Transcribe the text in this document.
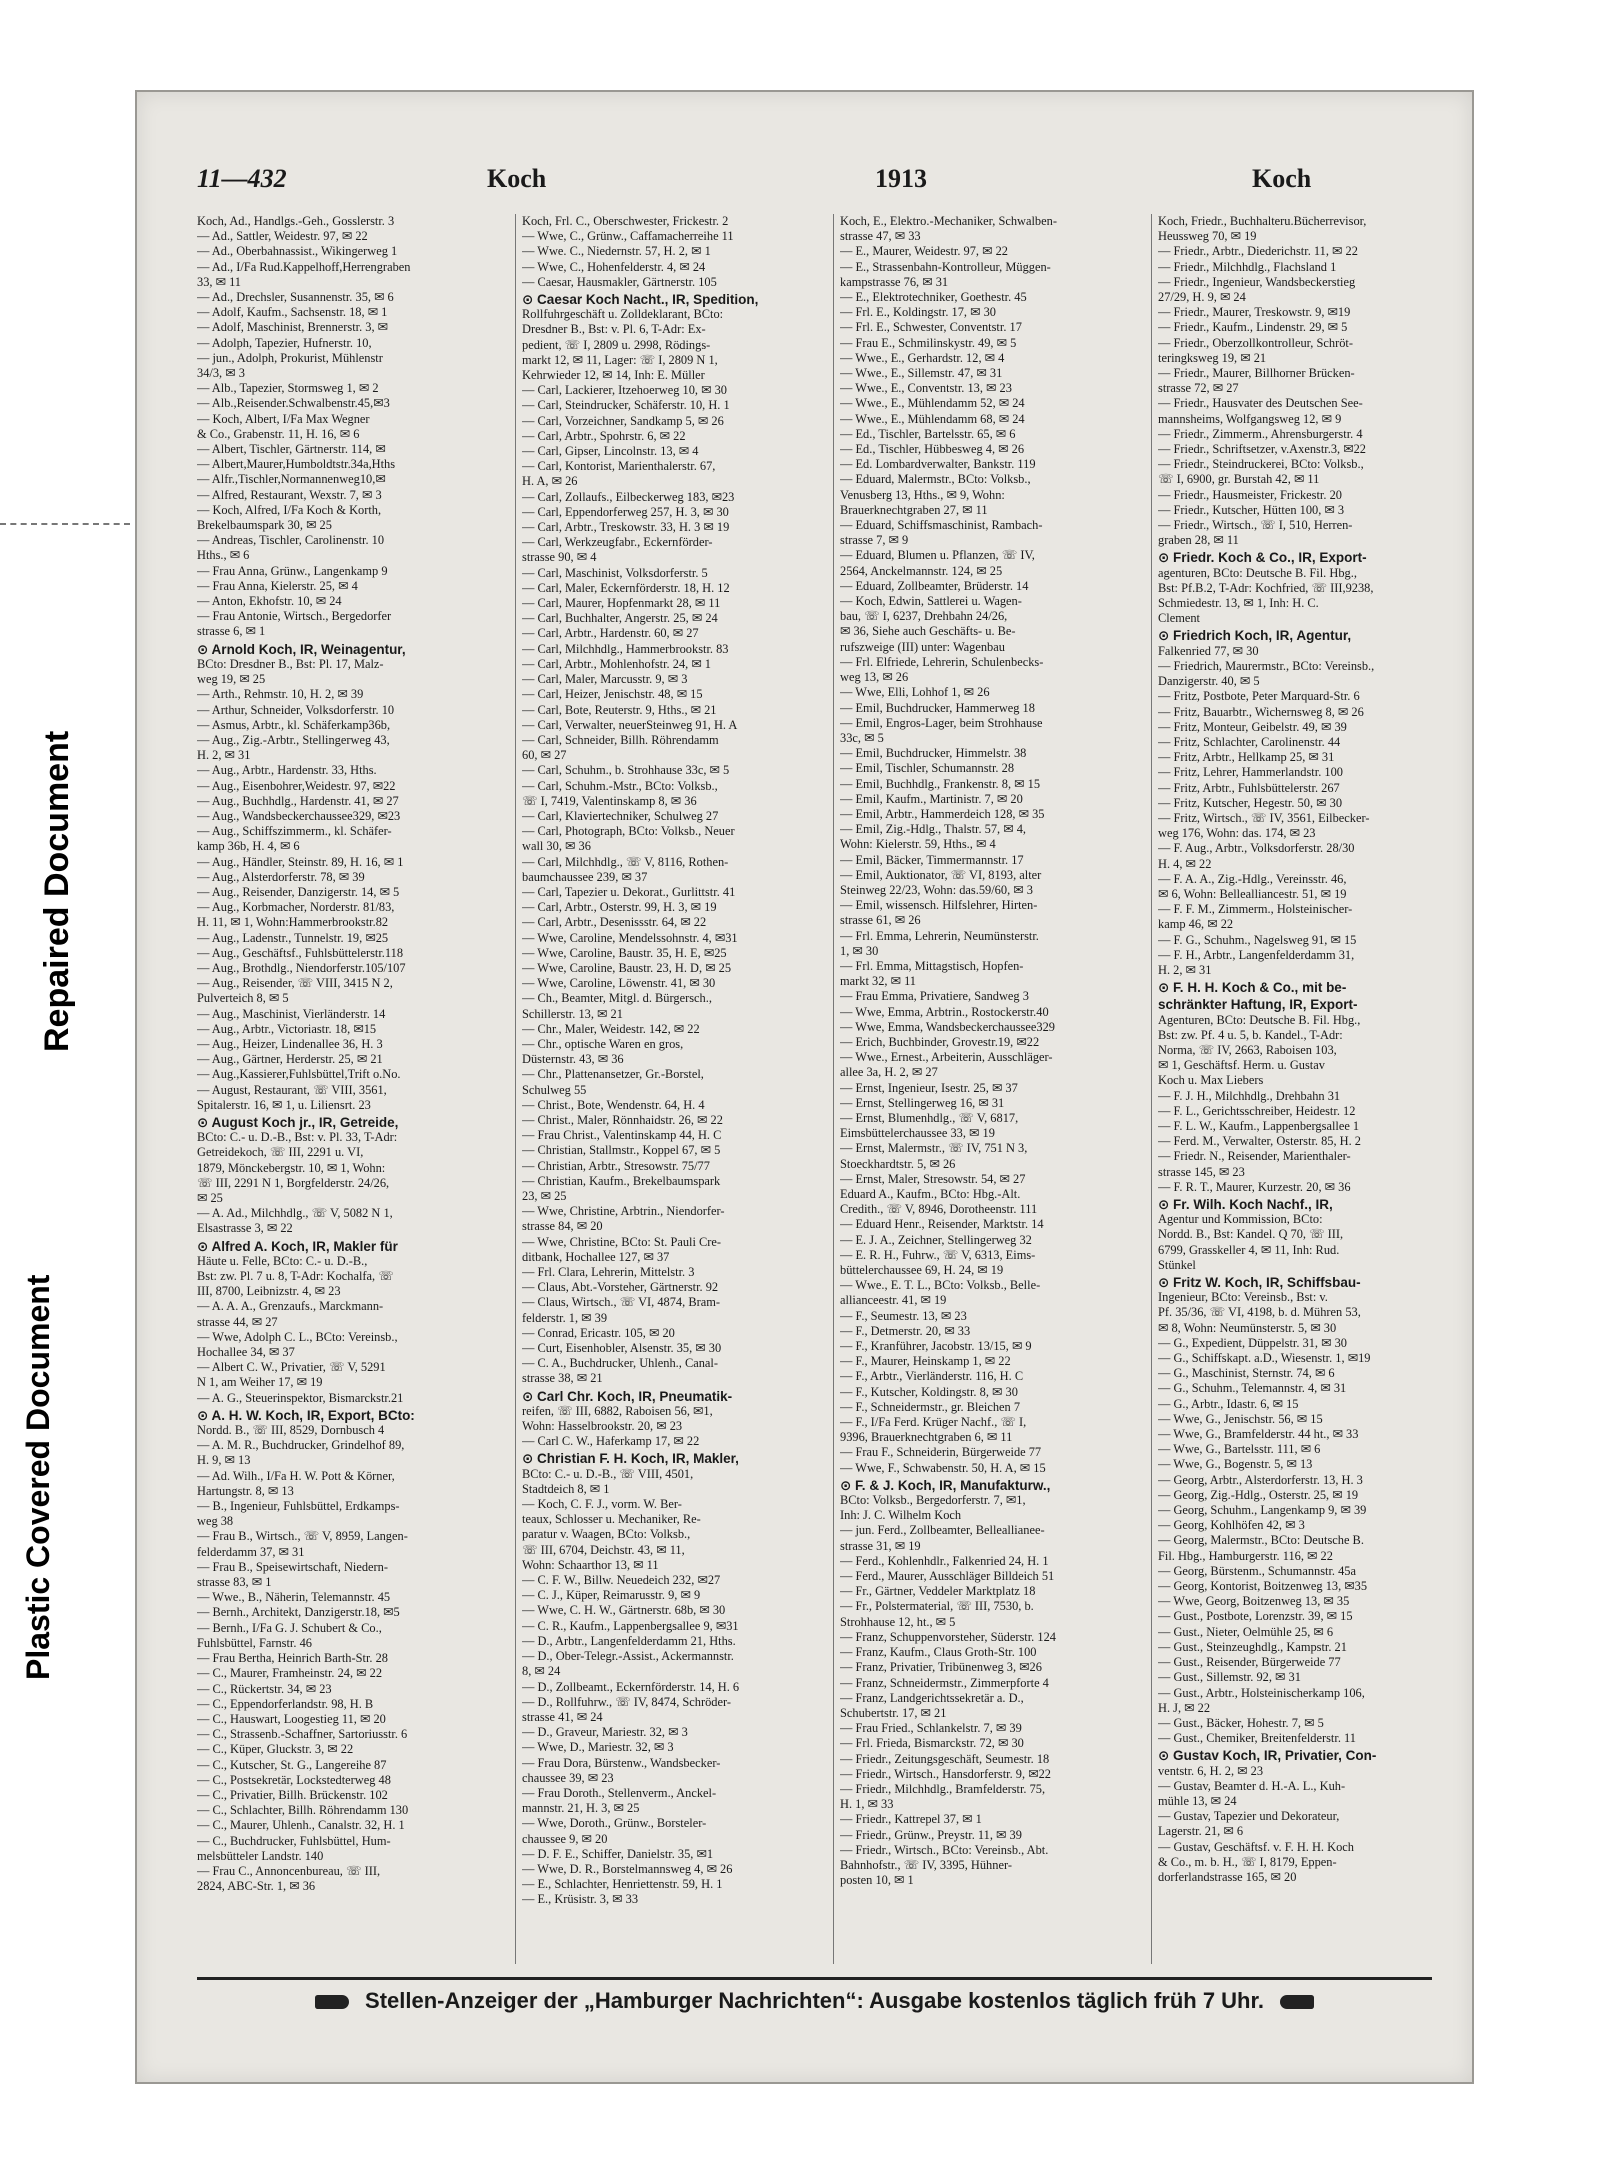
Repaired Document
Plastic Covered Document
11—432	Koch	1913	Koch
Koch, Ad., Handlgs.-Geh., Gosslerstr. 3
— Ad., Sattler, Weidestr. 97, ✉ 22
— Ad., Oberbahnassist., Wikingerweg 1
— Ad., I/Fa Rud.Kappelhoff,Herrengraben
33, ✉ 11
— Ad., Drechsler, Susannenstr. 35, ✉ 6
— Adolf, Kaufm., Sachsenstr. 18, ✉ 1
— Adolf, Maschinist, Brennerstr. 3, ✉
— Adolph, Tapezier, Hufnerstr. 10,
— jun., Adolph, Prokurist, Mühlenstr
34/3, ✉ 3
— Alb., Tapezier, Stormsweg 1, ✉ 2
— Alb.,Reisender.Schwalbenstr.45,✉3
— Koch, Albert, I/Fa Max Wegner
& Co., Grabenstr. 11, H. 16, ✉ 6
— Albert, Tischler, Gärtnerstr. 114, ✉
— Albert,Maurer,Humboldtstr.34a,Hths
— Alfr.,Tischler,Normannenweg10,✉
— Alfred, Restaurant, Wexstr. 7, ✉ 3
— Koch, Alfred, I/Fa Koch & Korth,
Brekelbaumspark 30, ✉ 25
— Andreas, Tischler, Carolinenstr. 10
Hths., ✉ 6
— Frau Anna, Grünw., Langenkamp 9
— Frau Anna, Kielerstr. 25, ✉ 4
— Anton, Ekhofstr. 10, ✉ 24
— Frau Antonie, Wirtsch., Bergedorfer
strasse 6, ✉ 1
⊙ Arnold Koch, IR, Weinagentur,
BCto: Dresdner B., Bst: Pl. 17, Malz-
weg 19, ✉ 25
— Arth., Rehmstr. 10, H. 2, ✉ 39
— Arthur, Schneider, Volksdorferstr. 10
— Asmus, Arbtr., kl. Schäferkamp36b,
— Aug., Zig.-Arbtr., Stellingerweg 43,
H. 2, ✉ 31
— Aug., Arbtr., Hardenstr. 33, Hths.
— Aug., Eisenbohrer,Weidestr. 97, ✉22
— Aug., Buchhdlg., Hardenstr. 41, ✉ 27
— Aug., Wandsbeckerchaussee329, ✉23
— Aug., Schiffszimmerm., kl. Schäfer-
kamp 36b, H. 4, ✉ 6
— Aug., Händler, Steinstr. 89, H. 16, ✉ 1
— Aug., Alsterdorferstr. 78, ✉ 39
— Aug., Reisender, Danzigerstr. 14, ✉ 5
— Aug., Korbmacher, Norderstr. 81/83,
H. 11, ✉ 1, Wohn:Hammerbrookstr.82
— Aug., Ladenstr., Tunnelstr. 19, ✉25
— Aug., Geschäftsf., Fuhlsbüttelerstr.118
— Aug., Brothdlg., Niendorferstr.105/107
— Aug., Reisender, ☏ VIII, 3415 N 2,
Pulverteich 8, ✉ 5
— Aug., Maschinist, Vierländerstr. 14
— Aug., Arbtr., Victoriastr. 18, ✉15
— Aug., Heizer, Lindenallee 36, H. 3
— Aug., Gärtner, Herderstr. 25, ✉ 21
— Aug.,Kassierer,Fuhlsbüttel,Trift o.No.
— August, Restaurant, ☏ VIII, 3561,
Spitalerstr. 16, ✉ 1, u. Liliensrt. 23
⊙ August Koch jr., IR, Getreide,
BCto: C.- u. D.-B., Bst: v. Pl. 33, T-Adr:
Getreidekoch, ☏ III, 2291 u. VI,
1879, Mönckebergstr. 10, ✉ 1, Wohn:
☏ III, 2291 N 1, Borgfelderstr. 24/26,
✉ 25
— A. Ad., Milchhdlg., ☏ V, 5082 N 1,
Elsastrasse 3, ✉ 22
⊙ Alfred A. Koch, IR, Makler für
Häute u. Felle, BCto: C.- u. D.-B.,
Bst: zw. Pl. 7 u. 8, T-Adr: Kochalfa, ☏
III, 8700, Leibnizstr. 4, ✉ 23
— A. A. A., Grenzaufs., Marckmann-
strasse 44, ✉ 27
— Wwe, Adolph C. L., BCto: Vereinsb.,
Hochallee 34, ✉ 37
— Albert C. W., Privatier, ☏ V, 5291
N 1, am Weiher 17, ✉ 19
— A. G., Steuerinspektor, Bismarckstr.21
⊙ A. H. W. Koch, IR, Export, BCto:
Nordd. B., ☏ III, 8529, Dornbusch 4
— A. M. R., Buchdrucker, Grindelhof 89,
H. 9, ✉ 13
— Ad. Wilh., I/Fa H. W. Pott & Körner,
Hartungstr. 8, ✉ 13
— B., Ingenieur, Fuhlsbüttel, Erdkamps-
weg 38
— Frau B., Wirtsch., ☏ V, 8959, Langen-
felderdamm 37, ✉ 31
— Frau B., Speisewirtschaft, Niedern-
strasse 83, ✉ 1
— Wwe., B., Näherin, Telemannstr. 45
— Bernh., Architekt, Danzigerstr.18, ✉5
— Bernh., I/Fa G. J. Schubert & Co.,
Fuhlsbüttel, Farnstr. 46
— Frau Bertha, Heinrich Barth-Str. 28
— C., Maurer, Framheinstr. 24, ✉ 22
— C., Rückertstr. 34, ✉ 23
— C., Eppendorferlandstr. 98, H. B
— C., Hauswart, Loogestieg 11, ✉ 20
— C., Strassenb.-Schaffner, Sartoriusstr. 6
— C., Küper, Gluckstr. 3, ✉ 22
— C., Kutscher, St. G., Langereihe 87
— C., Postsekretär, Lockstedterweg 48
— C., Privatier, Billh. Brückenstr. 102
— C., Schlachter, Billh. Röhrendamm 130
— C., Maurer, Uhlenh., Canalstr. 32, H. 1
— C., Buchdrucker, Fuhlsbüttel, Hum-
melsbütteler Landstr. 140
— Frau C., Annoncenbureau, ☏ III,
2824, ABC-Str. 1, ✉ 36
Koch, Frl. C., Oberschwester, Frickestr. 2
— Wwe, C., Grünw., Caffamacherreihe 11
— Wwe. C., Niedernstr. 57, H. 2, ✉ 1
— Wwe, C., Hohenfelderstr. 4, ✉ 24
— Caesar, Hausmakler, Gärtnerstr. 105
⊙ Caesar Koch Nacht., IR, Spedition,
Rollfuhrgeschäft u. Zolldeklarant, BCto:
Dresdner B., Bst: v. Pl. 6, T-Adr: Ex-
pedient, ☏ I, 2809 u. 2998, Rödings-
markt 12, ✉ 11, Lager: ☏ I, 2809 N 1,
Kehrwieder 12, ✉ 14, Inh: E. Müller
— Carl, Lackierer, Itzehoerweg 10, ✉ 30
— Carl, Steindrucker, Schäferstr. 10, H. 1
— Carl, Vorzeichner, Sandkamp 5, ✉ 26
— Carl, Arbtr., Spohrstr. 6, ✉ 22
— Carl, Gipser, Lincolnstr. 13, ✉ 4
— Carl, Kontorist, Marienthalerstr. 67,
H. A, ✉ 26
— Carl, Zollaufs., Eilbeckerweg 183, ✉23
— Carl, Eppendorferweg 257, H. 3, ✉ 30
— Carl, Arbtr., Treskowstr. 33, H. 3 ✉ 19
— Carl, Werkzeugfabr., Eckernförder-
strasse 90, ✉ 4
— Carl, Maschinist, Volksdorferstr. 5
— Carl, Maler, Eckernförderstr. 18, H. 12
— Carl, Maurer, Hopfenmarkt 28, ✉ 11
— Carl, Buchhalter, Angerstr. 25, ✉ 24
— Carl, Arbtr., Hardenstr. 60, ✉ 27
— Carl, Milchhdlg., Hammerbrookstr. 83
— Carl, Arbtr., Mohlenhofstr. 24, ✉ 1
— Carl, Maler, Marcusstr. 9, ✉ 3
— Carl, Heizer, Jenischstr. 48, ✉ 15
— Carl, Bote, Reuterstr. 9, Hths., ✉ 21
— Carl, Verwalter, neuerSteinweg 91, H. A
— Carl, Schneider, Billh. Röhrendamm
60, ✉ 27
— Carl, Schuhm., b. Strohhause 33c, ✉ 5
— Carl, Schuhm.-Mstr., BCto: Volksb.,
☏ I, 7419, Valentinskamp 8, ✉ 36
— Carl, Klaviertechniker, Schulweg 27
— Carl, Photograph, BCto: Volksb., Neuer
wall 30, ✉ 36
— Carl, Milchhdlg., ☏ V, 8116, Rothen-
baumchaussee 239, ✉ 37
— Carl, Tapezier u. Dekorat., Gurlittstr. 41
— Carl, Arbtr., Osterstr. 99, H. 3, ✉ 19
— Carl, Arbtr., Desenissstr. 64, ✉ 22
— Wwe, Caroline, Mendelssohnstr. 4, ✉31
— Wwe, Caroline, Baustr. 35, H. E, ✉25
— Wwe, Caroline, Baustr. 23, H. D, ✉ 25
— Wwe, Caroline, Löwenstr. 41, ✉ 30
— Ch., Beamter, Mitgl. d. Bürgersch.,
Schillerstr. 13, ✉ 21
— Chr., Maler, Weidestr. 142, ✉ 22
— Chr., optische Waren en gros,
Düsternstr. 43, ✉ 36
— Chr., Plattenansetzer, Gr.-Borstel,
Schulweg 55
— Christ., Bote, Wendenstr. 64, H. 4
— Christ., Maler, Rönnhaidstr. 26, ✉ 22
— Frau Christ., Valentinskamp 44, H. C
— Christian, Stallmstr., Koppel 67, ✉ 5
— Christian, Arbtr., Stresowstr. 75/77
— Christian, Kaufm., Brekelbaumspark
23, ✉ 25
— Wwe, Christine, Arbtrin., Niendorfer-
strasse 84, ✉ 20
— Wwe, Christine, BCto: St. Pauli Cre-
ditbank, Hochallee 127, ✉ 37
— Frl. Clara, Lehrerin, Mittelstr. 3
— Claus, Abt.-Vorsteher, Gärtnerstr. 92
— Claus, Wirtsch., ☏ VI, 4874, Bram-
felderstr. 1, ✉ 39
— Conrad, Ericastr. 105, ✉ 20
— Curt, Eisenhobler, Alsenstr. 35, ✉ 30
— C. A., Buchdrucker, Uhlenh., Canal-
strasse 38, ✉ 21
⊙ Carl Chr. Koch, IR, Pneumatik-
reifen, ☏ III, 6882, Raboisen 56, ✉1,
Wohn: Hasselbrookstr. 20, ✉ 23
— Carl C. W., Haferkamp 17, ✉ 22
⊙ Christian F. H. Koch, IR, Makler,
BCto: C.- u. D.-B., ☏ VIII, 4501,
Stadtdeich 8, ✉ 1
— Koch, C. F. J., vorm. W. Ber-
teaux, Schlosser u. Mechaniker, Re-
paratur v. Waagen, BCto: Volksb.,
☏ III, 6704, Deichstr. 43, ✉ 11,
Wohn: Schaarthor 13, ✉ 11
— C. F. W., Billw. Neuedeich 232, ✉27
— C. J., Küper, Reimarusstr. 9, ✉ 9
— Wwe, C. H. W., Gärtnerstr. 68b, ✉ 30
— C. R., Kaufm., Lappenbergsallee 9, ✉31
— D., Arbtr., Langenfelderdamm 21, Hths.
— D., Ober-Telegr.-Assist., Ackermannstr.
8, ✉ 24
— D., Zollbeamt., Eckernförderstr. 14, H. 6
— D., Rollfuhrw., ☏ IV, 8474, Schröder-
strasse 41, ✉ 24
— D., Graveur, Mariestr. 32, ✉ 3
— Wwe, D., Mariestr. 32, ✉ 3
— Frau Dora, Bürstenw., Wandsbecker-
chaussee 39, ✉ 23
— Frau Doroth., Stellenverm., Anckel-
mannstr. 21, H. 3, ✉ 25
— Wwe, Doroth., Grünw., Borsteler-
chaussee 9, ✉ 20
— D. F. E., Schiffer, Danielstr. 35, ✉1
— Wwe, D. R., Borstelmannsweg 4, ✉ 26
— E., Schlachter, Henriettenstr. 59, H. 1
— E., Krüsistr. 3, ✉ 33
Koch, E., Elektro.-Mechaniker, Schwalben-
strasse 47, ✉ 33
— E., Maurer, Weidestr. 97, ✉ 22
— E., Strassenbahn-Kontrolleur, Müggen-
kampstrasse 76, ✉ 31
— E., Elektrotechniker, Goethestr. 45
— Frl. E., Koldingstr. 17, ✉ 30
— Frl. E., Schwester, Conventstr. 17
— Frau E., Schmilinskystr. 49, ✉ 5
— Wwe., E., Gerhardstr. 12, ✉ 4
— Wwe., E., Sillemstr. 47, ✉ 31
— Wwe., E., Conventstr. 13, ✉ 23
— Wwe., E., Mühlendamm 52, ✉ 24
— Wwe., E., Mühlendamm 68, ✉ 24
— Ed., Tischler, Bartelsstr. 65, ✉ 6
— Ed., Tischler, Hübbesweg 4, ✉ 26
— Ed. Lombardverwalter, Bankstr. 119
— Eduard, Malermstr., BCto: Volksb.,
Venusberg 13, Hths., ✉ 9, Wohn:
Brauerknechtgraben 27, ✉ 11
— Eduard, Schiffsmaschinist, Rambach-
strasse 7, ✉ 9
— Eduard, Blumen u. Pflanzen, ☏ IV,
2564, Anckelmannstr. 124, ✉ 25
— Eduard, Zollbeamter, Brüderstr. 14
— Koch, Edwin, Sattlerei u. Wagen-
bau, ☏ I, 6237, Drehbahn 24/26,
✉ 36, Siehe auch Geschäfts- u. Be-
rufszweige (III) unter: Wagenbau
— Frl. Elfriede, Lehrerin, Schulenbecks-
weg 13, ✉ 26
— Wwe, Elli, Lohhof 1, ✉ 26
— Emil, Buchdrucker, Hammerweg 18
— Emil, Engros-Lager, beim Strohhause
33c, ✉ 5
— Emil, Buchdrucker, Himmelstr. 38
— Emil, Tischler, Schumannstr. 28
— Emil, Buchhdlg., Frankenstr. 8, ✉ 15
— Emil, Kaufm., Martinistr. 7, ✉ 20
— Emil, Arbtr., Hammerdeich 128, ✉ 35
— Emil, Zig.-Hdlg., Thalstr. 57, ✉ 4,
Wohn: Kielerstr. 59, Hths., ✉ 4
— Emil, Bäcker, Timmermannstr. 17
— Emil, Auktionator, ☏ VI, 8193, alter
Steinweg 22/23, Wohn: das.59/60, ✉ 3
— Emil, wissensch. Hilfslehrer, Hirten-
strasse 61, ✉ 26
— Frl. Emma, Lehrerin, Neumünsterstr.
1, ✉ 30
— Frl. Emma, Mittagstisch, Hopfen-
markt 32, ✉ 11
— Frau Emma, Privatiere, Sandweg 3
— Wwe, Emma, Arbtrin., Rostockerstr.40
— Wwe, Emma, Wandsbeckerchaussee329
— Erich, Buchbinder, Grovestr.19, ✉22
— Wwe., Ernest., Arbeiterin, Ausschläger-
allee 3a, H. 2, ✉ 27
— Ernst, Ingenieur, Isestr. 25, ✉ 37
— Ernst, Stellingerweg 16, ✉ 31
— Ernst, Blumenhdlg., ☏ V, 6817,
Eimsbüttelerchaussee 33, ✉ 19
— Ernst, Malermstr., ☏ IV, 751 N 3,
Stoeckhardtstr. 5, ✉ 26
— Ernst, Maler, Stresowstr. 54, ✉ 27
Eduard A., Kaufm., BCto: Hbg.-Alt.
Credith., ☏ V, 8946, Dorotheenstr. 111
— Eduard Henr., Reisender, Marktstr. 14
— E. J. A., Zeichner, Stellingerweg 32
— E. R. H., Fuhrw., ☏ V, 6313, Eims-
büttelerchaussee 69, H. 24, ✉ 19
— Wwe., E. T. L., BCto: Volksb., Belle-
allianceestr. 41, ✉ 19
— F., Seumestr. 13, ✉ 23
— F., Detmerstr. 20, ✉ 33
— F., Kranführer, Jacobstr. 13/15, ✉ 9
— F., Maurer, Heinskamp 1, ✉ 22
— F., Arbtr., Vierländerstr. 116, H. C
— F., Kutscher, Koldingstr. 8, ✉ 30
— F., Schneidermstr., gr. Bleichen 7
— F., I/Fa Ferd. Krüger Nachf., ☏ I,
9396, Brauerknechtgraben 6, ✉ 11
— Frau F., Schneiderin, Bürgerweide 77
— Wwe, F., Schwabenstr. 50, H. A, ✉ 15
⊙ F. & J. Koch, IR, Manufakturw.,
BCto: Volksb., Bergedorferstr. 7, ✉1,
Inh: J. C. Wilhelm Koch
— jun. Ferd., Zollbeamter, Belleallianee-
strasse 31, ✉ 19
— Ferd., Kohlenhdlr., Falkenried 24, H. 1
— Ferd., Maurer, Ausschläger Billdeich 51
— Fr., Gärtner, Veddeler Marktplatz 18
— Fr., Polstermaterial, ☏ III, 7530, b.
Strohhause 12, ht., ✉ 5
— Franz, Schuppenvorsteher, Süderstr. 124
— Franz, Kaufm., Claus Groth-Str. 100
— Franz, Privatier, Tribünenweg 3, ✉26
— Franz, Schneidermstr., Zimmerpforte 4
— Franz, Landgerichtssekretär a. D.,
Schubertstr. 17, ✉ 21
— Frau Fried., Schlankelstr. 7, ✉ 39
— Frl. Frieda, Bismarckstr. 72, ✉ 30
— Friedr., Zeitungsgeschäft, Seumestr. 18
— Friedr., Wirtsch., Hansdorferstr. 9, ✉22
— Friedr., Milchhdlg., Bramfelderstr. 75,
H. 1, ✉ 33
— Friedr., Kattrepel 37, ✉ 1
— Friedr., Grünw., Preystr. 11, ✉ 39
— Friedr., Wirtsch., BCto: Vereinsb., Abt.
Bahnhofstr., ☏ IV, 3395, Hühner-
posten 10, ✉ 1
Koch, Friedr., Buchhalteru.Bücherrevisor,
Heussweg 70, ✉ 19
— Friedr., Arbtr., Diederichstr. 11, ✉ 22
— Friedr., Milchhdlg., Flachsland 1
— Friedr., Ingenieur, Wandsbeckerstieg
27/29, H. 9, ✉ 24
— Friedr., Maurer, Treskowstr. 9, ✉19
— Friedr., Kaufm., Lindenstr. 29, ✉ 5
— Friedr., Oberzollkontrolleur, Schröt-
teringksweg 19, ✉ 21
— Friedr., Maurer, Billhorner Brücken-
strasse 72, ✉ 27
— Friedr., Hausvater des Deutschen See-
mannsheims, Wolfgangsweg 12, ✉ 9
— Friedr., Zimmerm., Ahrensburgerstr. 4
— Friedr., Schriftsetzer, v.Axenstr.3, ✉22
— Friedr., Steindruckerei, BCto: Volksb.,
☏ I, 6900, gr. Burstah 42, ✉ 11
— Friedr., Hausmeister, Frickestr. 20
— Friedr., Kutscher, Hütten 100, ✉ 3
— Friedr., Wirtsch., ☏ I, 510, Herren-
graben 28, ✉ 11
⊙ Friedr. Koch & Co., IR, Export-
agenturen, BCto: Deutsche B. Fil. Hbg.,
Bst: Pf.B.2, T-Adr: Kochfried, ☏ III,9238,
Schmiedestr. 13, ✉ 1, Inh: H. C.
Clement
⊙ Friedrich Koch, IR, Agentur,
Falkenried 77, ✉ 30
— Friedrich, Maurermstr., BCto: Vereinsb.,
Danzigerstr. 40, ✉ 5
— Fritz, Postbote, Peter Marquard-Str. 6
— Fritz, Bauarbtr., Wichernsweg 8, ✉ 26
— Fritz, Monteur, Geibelstr. 49, ✉ 39
— Fritz, Schlachter, Carolinenstr. 44
— Fritz, Arbtr., Hellkamp 25, ✉ 31
— Fritz, Lehrer, Hammerlandstr. 100
— Fritz, Arbtr., Fuhlsbüttelerstr. 267
— Fritz, Kutscher, Hegestr. 50, ✉ 30
— Fritz, Wirtsch., ☏ IV, 3561, Eilbecker-
weg 176, Wohn: das. 174, ✉ 23
— F. Aug., Arbtr., Volksdorferstr. 28/30
H. 4, ✉ 22
— F. A. A., Zig.-Hdlg., Vereinsstr. 46,
✉ 6, Wohn: Bellealliancestr. 51, ✉ 19
— F. F. M., Zimmerm., Holsteinischer-
kamp 46, ✉ 22
— F. G., Schuhm., Nagelsweg 91, ✉ 15
— F. H., Arbtr., Langenfelderdamm 31,
H. 2, ✉ 31
⊙ F. H. H. Koch & Co., mit be-
schränkter Haftung, IR, Export-
Agenturen, BCto: Deutsche B. Fil. Hbg.,
Bst: zw. Pf. 4 u. 5, b. Kandel., T-Adr:
Norma, ☏ IV, 2663, Raboisen 103,
✉ 1, Geschäftsf. Herm. u. Gustav
Koch u. Max Liebers
— F. J. H., Milchhdlg., Drehbahn 31
— F. L., Gerichtsschreiber, Heidestr. 12
— F. L. W., Kaufm., Lappenbergsallee 1
— Ferd. M., Verwalter, Osterstr. 85, H. 2
— Friedr. N., Reisender, Marienthaler-
strasse 145, ✉ 23
— F. R. T., Maurer, Kurzestr. 20, ✉ 36
⊙ Fr. Wilh. Koch Nachf., IR,
Agentur und Kommission, BCto:
Nordd. B., Bst: Kandel. Q 70, ☏ III,
6799, Grasskeller 4, ✉ 11, Inh: Rud.
Stünkel
⊙ Fritz W. Koch, IR, Schiffsbau-
Ingenieur, BCto: Vereinsb., Bst: v.
Pf. 35/36, ☏ VI, 4198, b. d. Mühren 53,
✉ 8, Wohn: Neumünsterstr. 5, ✉ 30
— G., Expedient, Düppelstr. 31, ✉ 30
— G., Schiffskapt. a.D., Wiesenstr. 1, ✉19
— G., Maschinist, Sternstr. 74, ✉ 6
— G., Schuhm., Telemannstr. 4, ✉ 31
— G., Arbtr., Idastr. 6, ✉ 15
— Wwe, G., Jenischstr. 56, ✉ 15
— Wwe, G., Bramfelderstr. 44 ht., ✉ 33
— Wwe, G., Bartelsstr. 111, ✉ 6
— Wwe, G., Bogenstr. 5, ✉ 13
— Georg, Arbtr., Alsterdorferstr. 13, H. 3
— Georg, Zig.-Hdlg., Osterstr. 25, ✉ 19
— Georg, Schuhm., Langenkamp 9, ✉ 39
— Georg, Kohlhöfen 42, ✉ 3
— Georg, Malermstr., BCto: Deutsche B.
Fil. Hbg., Hamburgerstr. 116, ✉ 22
— Georg, Bürstenm., Schumannstr. 45a
— Georg, Kontorist, Boitzenweg 13, ✉35
— Wwe, Georg, Boitzenweg 13, ✉ 35
— Gust., Postbote, Lorenzstr. 39, ✉ 15
— Gust., Nieter, Oelmühle 25, ✉ 6
— Gust., Steinzeughdlg., Kampstr. 21
— Gust., Reisender, Bürgerweide 77
— Gust., Sillemstr. 92, ✉ 31
— Gust., Arbtr., Holsteinischerkamp 106,
H. J, ✉ 22
— Gust., Bäcker, Hohestr. 7, ✉ 5
— Gust., Chemiker, Breitenfelderstr. 11
⊙ Gustav Koch, IR, Privatier, Con-
ventstr. 6, H. 2, ✉ 23
— Gustav, Beamter d. H.-A. L., Kuh-
mühle 13, ✉ 24
— Gustav, Tapezier und Dekorateur,
Lagerstr. 21, ✉ 6
— Gustav, Geschäftsf. v. F. H. H. Koch
& Co., m. b. H., ☏ I, 8179, Eppen-
dorferlandstrasse 165, ✉ 20
Stellen-Anzeiger der „Hamburger Nachrichten“: Ausgabe kostenlos täglich früh 7 Uhr.
